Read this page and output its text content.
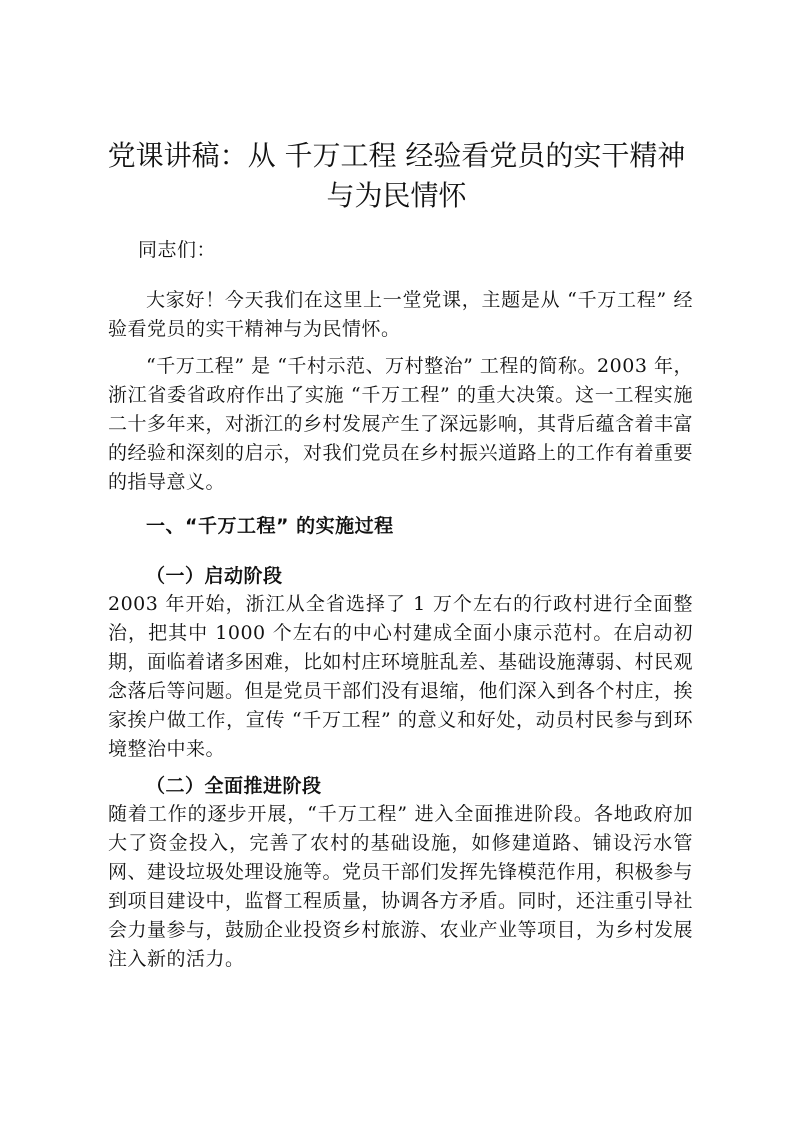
党课讲稿：从 千万工程 经验看党员的实干精神与为民情怀

同志们：

大家好！今天我们在这里上一堂党课，主题是从 “千万工程” 经验看党员的实干精神与为民情怀。

“千万工程” 是 “千村示范、万村整治” 工程的简称。2003 年，浙江省委省政府作出了实施 “千万工程” 的重大决策。这一工程实施二十多年来，对浙江的乡村发展产生了深远影响，其背后蕴含着丰富的经验和深刻的启示，对我们党员在乡村振兴道路上的工作有着重要的指导意义。

一、“千万工程” 的实施过程
（一）启动阶段

2003 年开始，浙江从全省选择了 1 万个左右的行政村进行全面整治，把其中 1000 个左右的中心村建成全面小康示范村。在启动初期，面临着诸多困难，比如村庄环境脏乱差、基础设施薄弱、村民观念落后等问题。但是党员干部们没有退缩，他们深入到各个村庄，挨家挨户做工作，宣传 “千万工程” 的意义和好处，动员村民参与到环境整治中来。

（二）全面推进阶段

随着工作的逐步开展，“千万工程” 进入全面推进阶段。各地政府加大了资金投入，完善了农村的基础设施，如修建道路、铺设污水管网、建设垃圾处理设施等。党员干部们发挥先锋模范作用，积极参与到项目建设中，监督工程质量，协调各方矛盾。同时，还注重引导社会力量参与，鼓励企业投资乡村旅游、农业产业等项目，为乡村发展注入新的活力。
